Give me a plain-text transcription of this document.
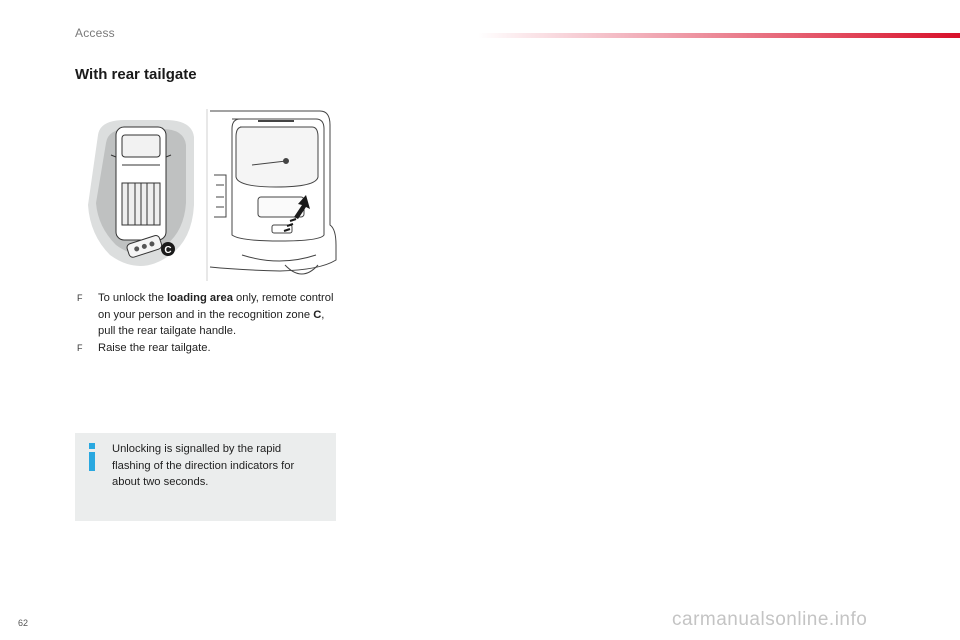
Access
With rear tailgate
C
F To unlock the loading area only, remote control on your person and in the recognition zone C, pull the rear tailgate handle.
F Raise the rear tailgate.
Unlocking is signalled by the rapid flashing of the direction indicators for about two seconds.
62	carmanualsonline.info
